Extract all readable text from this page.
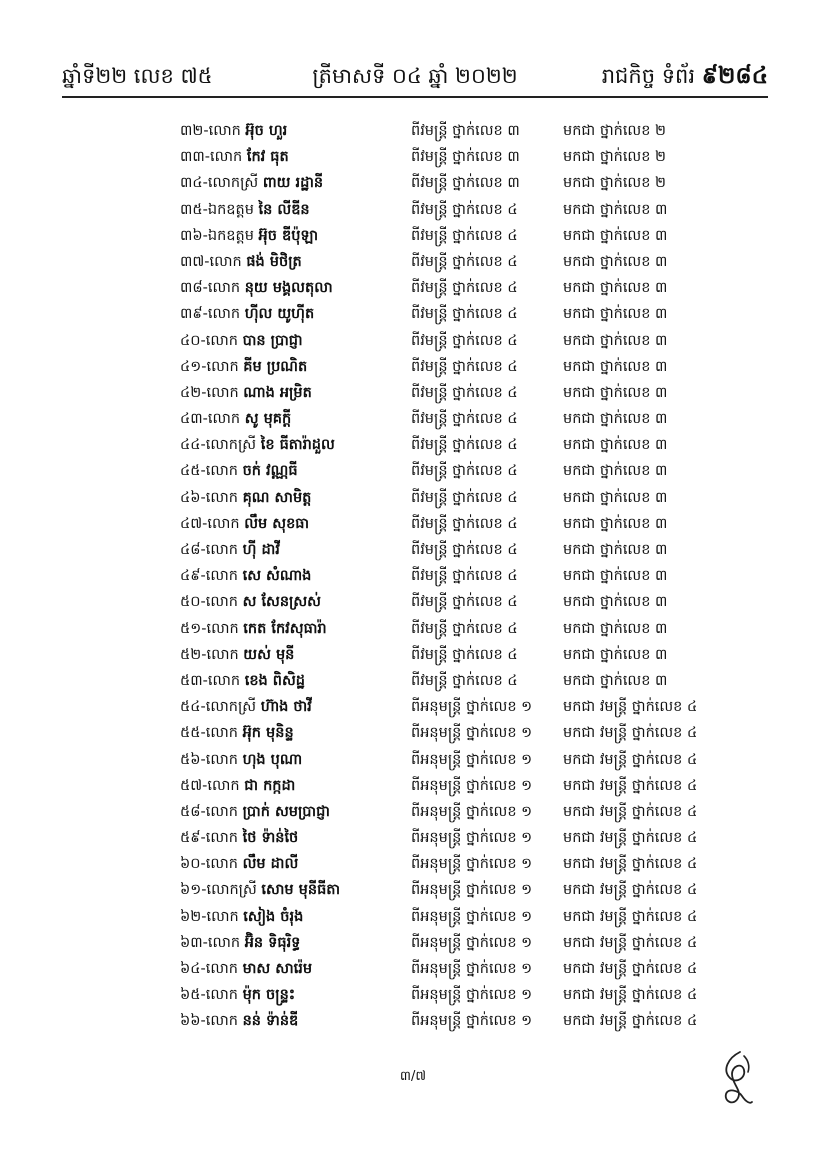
ឆ្នាំទី២២ លេខ ៧៥	ត្រីមាសទី ០៤ ឆ្នាំ ២០២២	រាជកិច្ច ទំព័រ ៩២៨៤
៣២-លោក អ៊ុច ហួរ	ពីវមន្ត្រី ថ្នាក់លេខ ៣	មកជា ថ្នាក់លេខ ២
៣៣-លោក កែវ ធុត	ពីវមន្ត្រី ថ្នាក់លេខ ៣	មកជា ថ្នាក់លេខ ២
៣៤-លោកស្រី ពាយ រដ្ឋានី	ពីវមន្ត្រី ថ្នាក់លេខ ៣	មកជា ថ្នាក់លេខ ២
៣៥-ឯកឧត្តម នៃ លីឌីន	ពីវមន្ត្រី ថ្នាក់លេខ ៤	មកជា ថ្នាក់លេខ ៣
៣៦-ឯកឧត្តម អ៊ុច ឌីប៉ុឡា	ពីវមន្ត្រី ថ្នាក់លេខ ៤	មកជា ថ្នាក់លេខ ៣
៣៧-លោក ផង់ មិថិត្រ	ពីវមន្ត្រី ថ្នាក់លេខ ៤	មកជា ថ្នាក់លេខ ៣
៣៨-លោក នុយ មង្គលតុលា	ពីវមន្ត្រី ថ្នាក់លេខ ៤	មកជា ថ្នាក់លេខ ៣
៣៩-លោក ហ៊ីល យូហ៊ីត	ពីវមន្ត្រី ថ្នាក់លេខ ៤	មកជា ថ្នាក់លេខ ៣
៤០-លោក បាន ប្រាជ្ញា	ពីវមន្ត្រី ថ្នាក់លេខ ៤	មកជា ថ្នាក់លេខ ៣
៤១-លោក គីម ប្រណិត	ពីវមន្ត្រី ថ្នាក់លេខ ៤	មកជា ថ្នាក់លេខ ៣
៤២-លោក ណាង អម្រិត	ពីវមន្ត្រី ថ្នាក់លេខ ៤	មកជា ថ្នាក់លេខ ៣
៤៣-លោក សូ មុគក្តី	ពីវមន្ត្រី ថ្នាក់លេខ ៤	មកជា ថ្នាក់លេខ ៣
៤៤-លោកស្រី ខៃ ធីតារ៉ាដួល	ពីវមន្ត្រី ថ្នាក់លេខ ៤	មកជា ថ្នាក់លេខ ៣
៤៥-លោក ចក់ វណ្ណធី	ពីវមន្ត្រី ថ្នាក់លេខ ៤	មកជា ថ្នាក់លេខ ៣
៤៦-លោក គុណ សាមិត្ត	ពីវមន្ត្រី ថ្នាក់លេខ ៤	មកជា ថ្នាក់លេខ ៣
៤៧-លោក លឹម សុខធា	ពីវមន្ត្រី ថ្នាក់លេខ ៤	មកជា ថ្នាក់លេខ ៣
៤៨-លោក ហ៊ី ដាវី	ពីវមន្ត្រី ថ្នាក់លេខ ៤	មកជា ថ្នាក់លេខ ៣
៤៩-លោក សេ សំណាង	ពីវមន្ត្រី ថ្នាក់លេខ ៤	មកជា ថ្នាក់លេខ ៣
៥០-លោក ស សែនស្រស់	ពីវមន្ត្រី ថ្នាក់លេខ ៤	មកជា ថ្នាក់លេខ ៣
៥១-លោក កេត កែវសុធារ៉ា	ពីវមន្ត្រី ថ្នាក់លេខ ៤	មកជា ថ្នាក់លេខ ៣
៥២-លោក យស់ មុនី	ពីវមន្ត្រី ថ្នាក់លេខ ៤	មកជា ថ្នាក់លេខ ៣
៥៣-លោក ខេង ពិសិដ្ឋ	ពីវមន្ត្រី ថ្នាក់លេខ ៤	មកជា ថ្នាក់លេខ ៣
៥៤-លោកស្រី ហ៊ាង ថាវី	ពីអនុមន្ត្រី ថ្នាក់លេខ ១ មកជា វមន្ត្រី ថ្នាក់លេខ ៤
៥៥-លោក អ៊ុក មុនិន្ទ	ពីអនុមន្ត្រី ថ្នាក់លេខ ១ មកជា វមន្ត្រី ថ្នាក់លេខ ៤
៥៦-លោក ហុង បុណា	ពីអនុមន្ត្រី ថ្នាក់លេខ ១ មកជា វមន្ត្រី ថ្នាក់លេខ ៤
៥៧-លោក ជា កក្កដា	ពីអនុមន្ត្រី ថ្នាក់លេខ ១ មកជា វមន្ត្រី ថ្នាក់លេខ ៤
៥៨-លោក ប្រាក់ សមប្រាជ្ញា	ពីអនុមន្ត្រី ថ្នាក់លេខ ១ មកជា វមន្ត្រី ថ្នាក់លេខ ៤
៥៩-លោក ថៃ ទ៉ាន់ថៃ	ពីអនុមន្ត្រី ថ្នាក់លេខ ១ មកជា វមន្ត្រី ថ្នាក់លេខ ៤
៦០-លោក លឹម ដាលី	ពីអនុមន្ត្រី ថ្នាក់លេខ ១ មកជា វមន្ត្រី ថ្នាក់លេខ ៤
៦១-លោកស្រី សោម មុនីធីតា	ពីអនុមន្ត្រី ថ្នាក់លេខ ១ មកជា វមន្ត្រី ថ្នាក់លេខ ៤
៦២-លោក សៀង ចំរុង	ពីអនុមន្ត្រី ថ្នាក់លេខ ១ មកជា វមន្ត្រី ថ្នាក់លេខ ៤
៦៣-លោក អ៊ិន ទិធុរិទ្ធ	ពីអនុមន្ត្រី ថ្នាក់លេខ ១ មកជា វមន្ត្រី ថ្នាក់លេខ ៤
៦៤-លោក មាស សារ៉េម	ពីអនុមន្ត្រី ថ្នាក់លេខ ១ មកជា វមន្ត្រី ថ្នាក់លេខ ៤
៦៥-លោក ម៉ុក ចន្ទ្រះ	ពីអនុមន្ត្រី ថ្នាក់លេខ ១ មកជា វមន្ត្រី ថ្នាក់លេខ ៤
៦៦-លោក នន់ ទ៉ាន់ឌី	ពីអនុមន្ត្រី ថ្នាក់លេខ ១ មកជា វមន្ត្រី ថ្នាក់លេខ ៤
៣/៧
